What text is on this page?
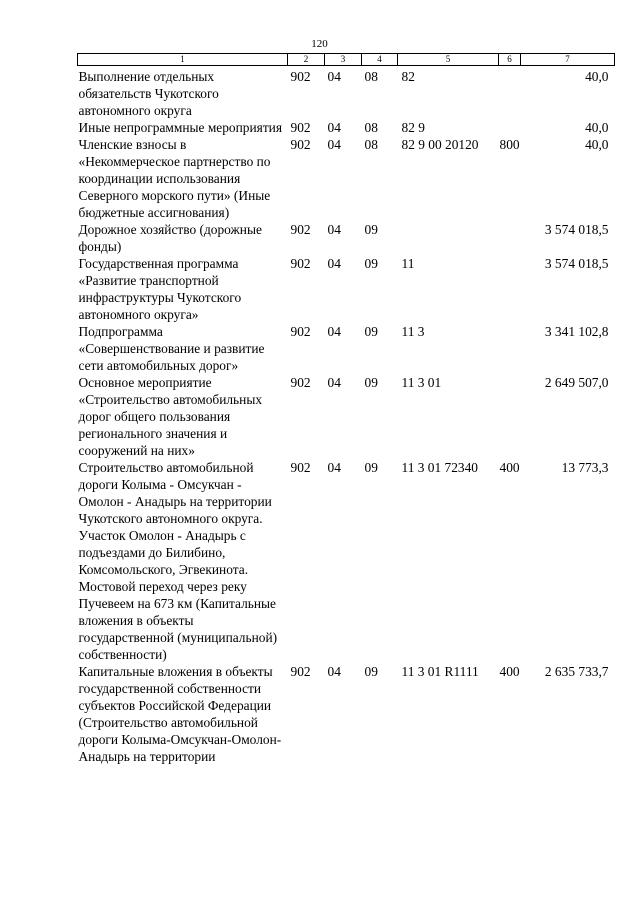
120
1	2	3	4	5	6	7
Выполнение отдельных обязательств Чукотского автономного округа	902	04	08	82		40,0
Иные непрограммные мероприятия	902	04	08	82 9		40,0
Членские взносы в «Некоммерческое партнерство по координации использования Северного морского пути» (Иные бюджетные ассигнования)	902	04	08	82 9 00 20120	800	40,0
Дорожное хозяйство (дорожные фонды)	902	04	09			3 574 018,5
Государственная программа «Развитие транспортной инфраструктуры Чукотского автономного округа»	902	04	09	11		3 574 018,5
Подпрограмма «Совершенствование и развитие сети автомобильных дорог»	902	04	09	11 3		3 341 102,8
Основное мероприятие «Строительство автомобильных дорог общего пользования регионального значения и сооружений на них»	902	04	09	11 3 01		2 649 507,0
Строительство автомобильной дороги Колыма - Омсукчан - Омолон - Анадырь на территории Чукотского автономного округа. Участок Омолон - Анадырь с подъездами до Билибино, Комсомольского, Эгвекинота. Мостовой переход через реку Пучевеем на 673 км (Капитальные вложения в объекты государственной (муниципальной) собственности)	902	04	09	11 3 01 72340	400	13 773,3
Капитальные вложения в объекты государственной собственности субъектов Российской Федерации (Строительство автомобильной дороги Колыма-Омсукчан-Омолон-Анадырь на территории	902	04	09	11 3 01 R1111	400	2 635 733,7
